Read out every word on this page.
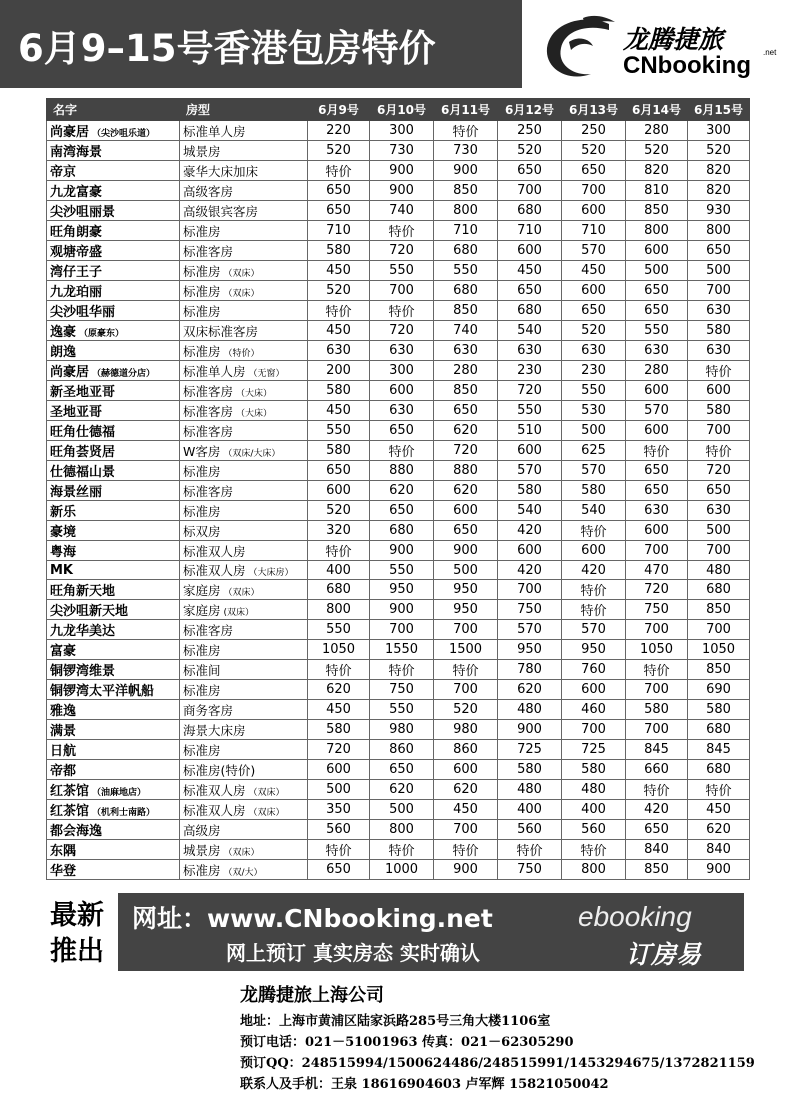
6月9–15号香港包房特价	龙腾捷旅
CNbooking .net
名字	房型	6月9号	6月10号	6月11号	6月12号	6月13号	6月14号	6月15号
尚豪居 （尖沙咀乐道）	标准单人房	220	300	特价	250	250	280	300
南湾海景	城景房	520	730	730	520	520	520	520
帝京	豪华大床加床	特价	900	900	650	650	820	820
九龙富豪	高级客房	650	900	850	700	700	810	820
尖沙咀丽景	高级银宾客房	650	740	800	680	600	850	930
旺角朗豪	标准房	710	特价	710	710	710	800	800
观塘帝盛	标准客房	580	720	680	600	570	600	650
湾仔王子	标准房 （双床）	450	550	550	450	450	500	500
九龙珀丽	标准房 （双床）	520	700	680	650	600	650	700
尖沙咀华丽	标准房	特价	特价	850	680	650	650	630
逸豪 （原豪东）	双床标准客房	450	720	740	540	520	550	580
朗逸	标准房 （特价）	630	630	630	630	630	630	630
尚豪居 （赫德道分店）	标准单人房 （无窗）	200	300	280	230	230	280	特价
新圣地亚哥	标准客房 （大床）	580	600	850	720	550	600	600
圣地亚哥	标准客房 （大床）	450	630	650	550	530	570	580
旺角仕德福	标准客房	550	650	620	510	500	600	700
旺角荟贤居	W客房 （双床/大床）	580	特价	720	600	625	特价	特价
仕德福山景	标准房	650	880	880	570	570	650	720
海景丝丽	标准客房	600	620	620	580	580	650	650
新乐	标准房	520	650	600	540	540	630	630
豪境	标双房	320	680	650	420	特价	600	500
粤海	标准双人房	特价	900	900	600	600	700	700
MK	标准双人房 （大床房）	400	550	500	420	420	470	480
旺角新天地	家庭房 （双床）	680	950	950	700	特价	720	680
尖沙咀新天地	家庭房 (双床）	800	900	950	750	特价	750	850
九龙华美达	标准客房	550	700	700	570	570	700	700
富豪	标准房	1050	1550	1500	950	950	1050	1050
铜锣湾维景	标准间	特价	特价	特价	780	760	特价	850
铜锣湾太平洋帆船	标准房	620	750	700	620	600	700	690
雅逸	商务客房	450	550	520	480	460	580	580
满景	海景大床房	580	980	980	900	700	700	680
日航	标准房	720	860	860	725	725	845	845
帝都	标准房(特价)	600	650	600	580	580	660	680
红茶馆 （油麻地店）	标准双人房 （双床）	500	620	620	480	480	特价	特价
红茶馆 （机利士南路）	标准双人房 （双床）	350	500	450	400	400	420	450
都会海逸	高级房	560	800	700	560	560	650	620
东隅	城景房 （双床）	特价	特价	特价	特价	特价	840	840
华登	标准房 （双/大）	650	1000	900	750	800	850	900
最新
推出
网址：www.CNbooking.net
网上预订 真实房态 实时确认
ebooking
订房易
龙腾捷旅上海公司
地址：上海市黄浦区陆家浜路285号三角大楼1106室
预订电话：021－51001963 传真：021－62305290
预订QQ：248515994/1500624486/248515991/1453294675/1372821159
联系人及手机：王泉 18616904603 卢军辉 15821050042
